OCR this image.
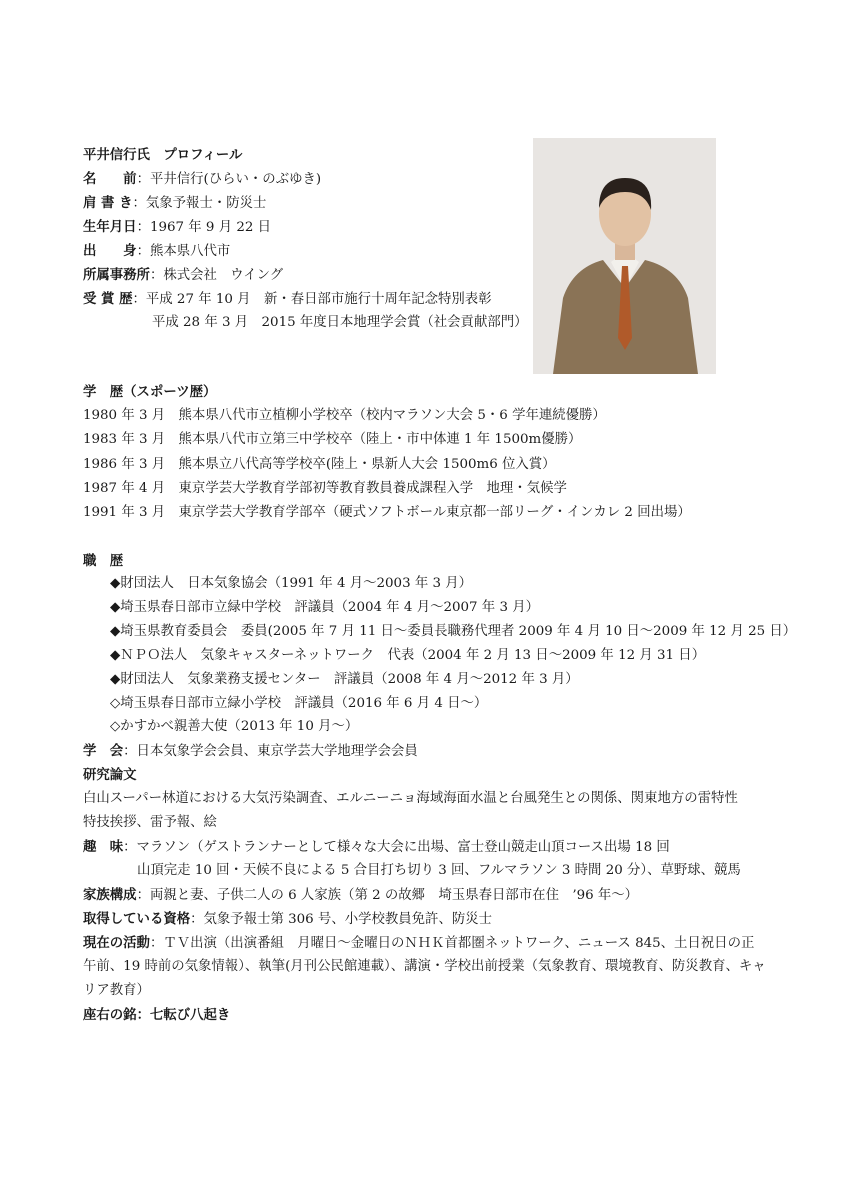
平井信行氏　プロフィール
名　　前：平井信行(ひらい・のぶゆき)
肩 書 き：気象予報士・防災士
生年月日：1967 年 9 月 22 日
出　　身：熊本県八代市
所属事務所：株式会社　ウイング
受 賞 歴：平成 27 年 10 月　新・春日部市施行十周年記念特別表彰
平成 28 年 3 月　2015 年度日本地理学会賞（社会貢献部門）
学　歴（スポーツ歴）
1980 年 3 月　熊本県八代市立植柳小学校卒（校内マラソン大会 5・6 学年連続優勝）
1983 年 3 月　熊本県八代市立第三中学校卒（陸上・市中体連 1 年 1500m優勝）
1986 年 3 月　熊本県立八代高等学校卒(陸上・県新人大会 1500m6 位入賞）
1987 年 4 月　東京学芸大学教育学部初等教育教員養成課程入学　地理・気候学
1991 年 3 月　東京学芸大学教育学部卒（硬式ソフトボール東京都一部リーグ・インカレ 2 回出場）
職　歴
◆財団法人　日本気象協会（1991 年 4 月～2003 年 3 月）
◆埼玉県春日部市立緑中学校　評議員（2004 年 4 月～2007 年 3 月）
◆埼玉県教育委員会　委員(2005 年 7 月 11 日～委員長職務代理者 2009 年 4 月 10 日～2009 年 12 月 25 日）
◆ＮＰＯ法人　気象キャスターネットワーク　代表（2004 年 2 月 13 日～2009 年 12 月 31 日）
◆財団法人　気象業務支援センター　評議員（2008 年 4 月～2012 年 3 月）
◇埼玉県春日部市立緑小学校　評議員（2016 年 6 月 4 日～）
◇かすかべ親善大使（2013 年 10 月～）
学　会：日本気象学会会員、東京学芸大学地理学会会員
研究論文
白山スーパー林道における大気汚染調査、エルニーニョ海域海面水温と台風発生との関係、関東地方の雷特性
特技挨拶、雷予報、絵
趣　味：マラソン（ゲストランナーとして様々な大会に出場、富士登山競走山頂コース出場 18 回
山頂完走 10 回・天候不良による 5 合目打ち切り 3 回、フルマラソン 3 時間 20 分）、草野球、競馬
家族構成：両親と妻、子供二人の 6 人家族（第 2 の故郷　埼玉県春日部市在住　’96 年～）
取得している資格：気象予報士第 306 号、小学校教員免許、防災士
現在の活動：ＴＶ出演（出演番組　月曜日～金曜日のＮＨＫ首都圏ネットワーク、ニュース 845、土日祝日の正
午前、19 時前の気象情報）、執筆(月刊公民館連載）、講演・学校出前授業（気象教育、環境教育、防災教育、キャ
リア教育）
座右の銘：七転び八起き
